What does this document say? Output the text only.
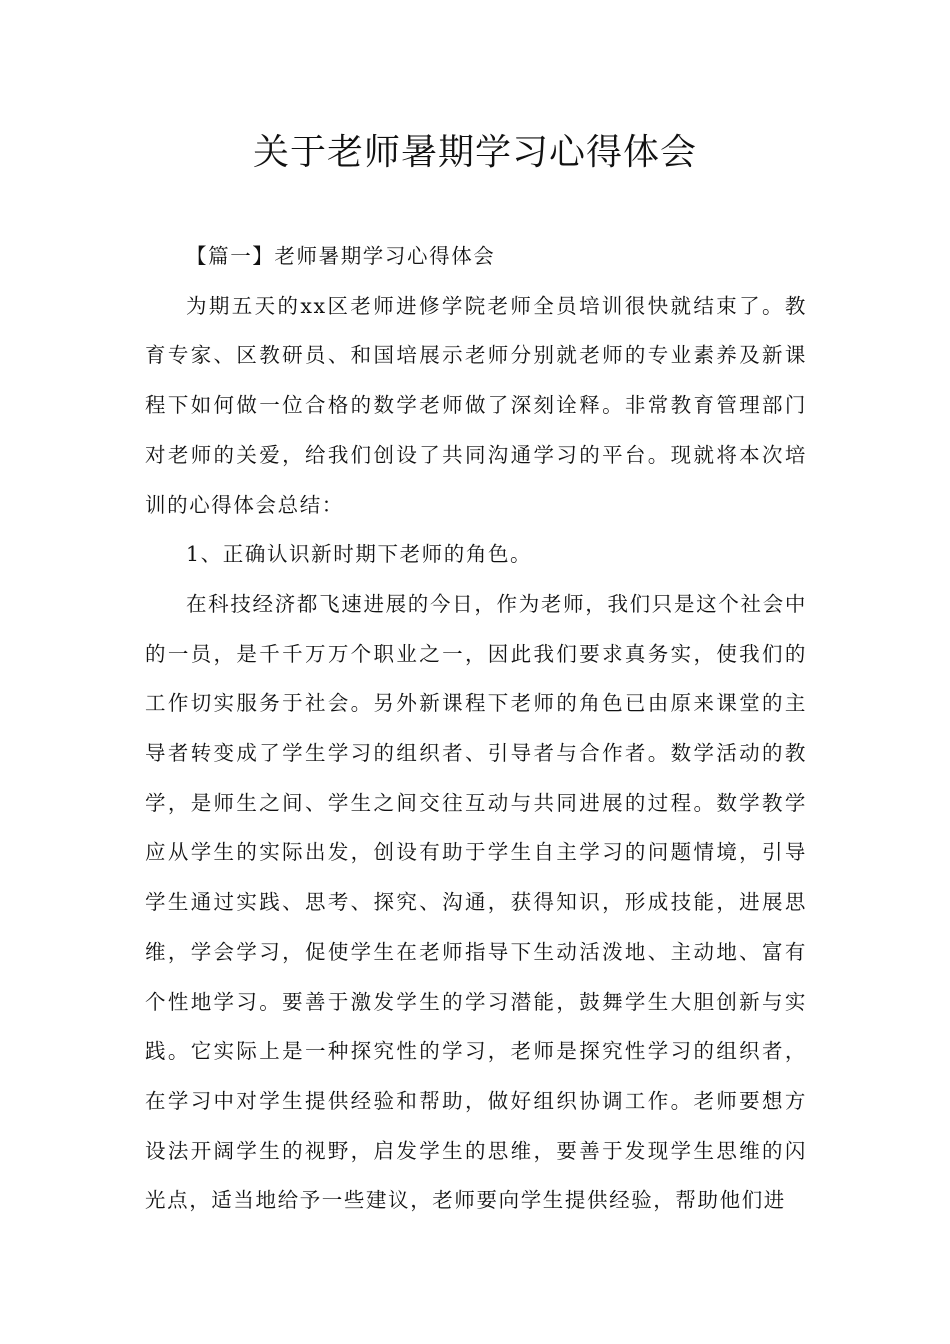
关于老师暑期学习心得体会

【篇一】老师暑期学习心得体会

为期五天的xx区老师进修学院老师全员培训很快就结束了。教育专家、区教研员、和国培展示老师分别就老师的专业素养及新课程下如何做一位合格的数学老师做了深刻诠释。非常教育管理部门对老师的关爱，给我们创设了共同沟通学习的平台。现就将本次培训的心得体会总结：

1、正确认识新时期下老师的角色。

在科技经济都飞速进展的今日，作为老师，我们只是这个社会中的一员，是千千万万个职业之一，因此我们要求真务实，使我们的工作切实服务于社会。另外新课程下老师的角色已由原来课堂的主导者转变成了学生学习的组织者、引导者与合作者。数学活动的教学，是师生之间、学生之间交往互动与共同进展的过程。数学教学应从学生的实际出发，创设有助于学生自主学习的问题情境，引导学生通过实践、思考、探究、沟通，获得知识，形成技能，进展思维，学会学习，促使学生在老师指导下生动活泼地、主动地、富有个性地学习。要善于激发学生的学习潜能，鼓舞学生大胆创新与实践。它实际上是一种探究性的学习，老师是探究性学习的组织者，在学习中对学生提供经验和帮助，做好组织协调工作。老师要想方设法开阔学生的视野，启发学生的思维，要善于发现学生思维的闪光点，适当地给予一些建议，老师要向学生提供经验，帮助他们进
